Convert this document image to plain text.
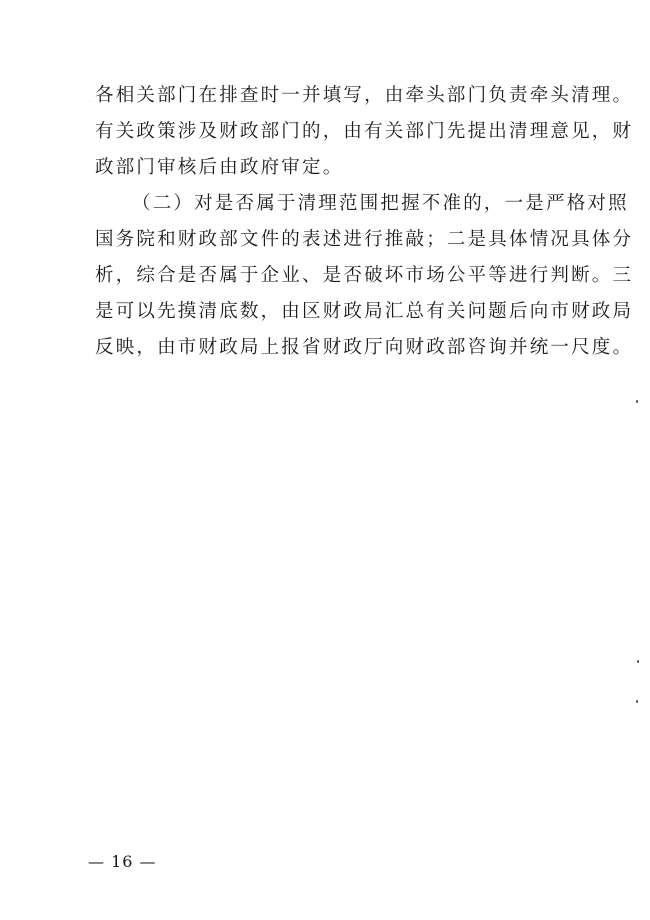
各相关部门在排查时一并填写，由牵头部门负责牵头清理。
有关政策涉及财政部门的，由有关部门先提出清理意见，财
政部门审核后由政府审定。
（二）对是否属于清理范围把握不准的，一是严格对照
国务院和财政部文件的表述进行推敲；二是具体情况具体分
析，综合是否属于企业、是否破坏市场公平等进行判断。三
是可以先摸清底数，由区财政局汇总有关问题后向市财政局
反映，由市财政局上报省财政厅向财政部咨询并统一尺度。
— 16 —
